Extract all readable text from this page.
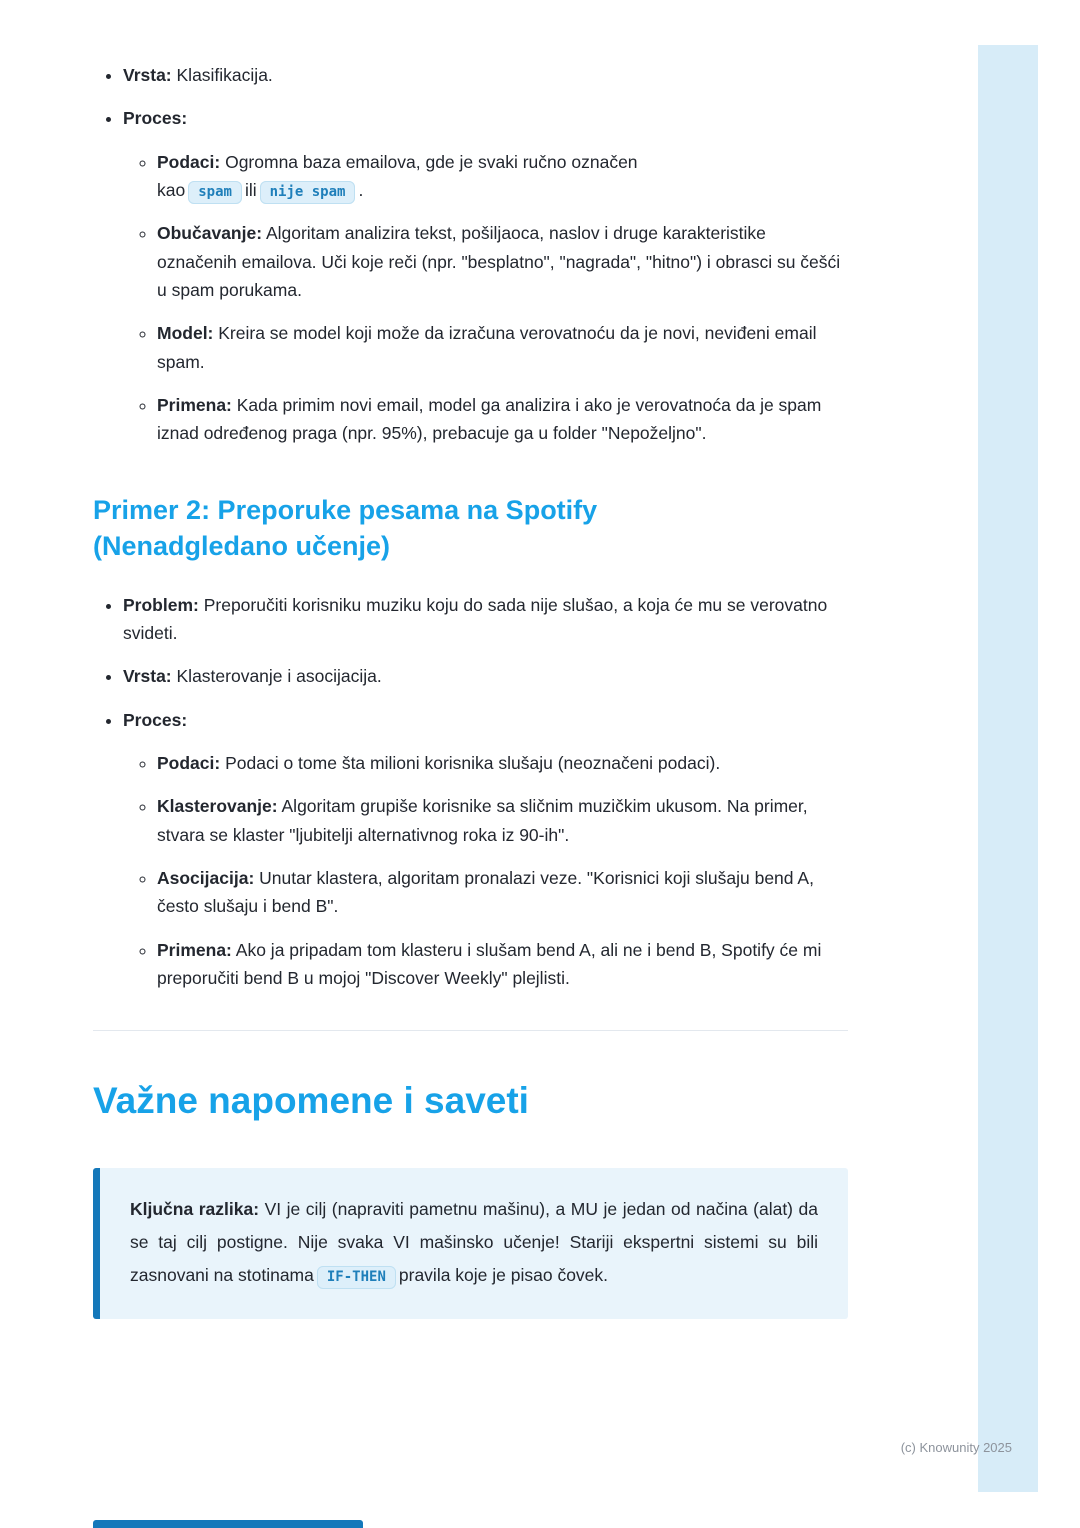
• Vrsta: Klasifikacija.
• Proces:
◦ Podaci: Ogromna baza emailova, gde je svaki ručno označen kao spam ili nije spam .
◦ Obučavanje: Algoritam analizira tekst, pošiljaoca, naslov i druge karakteristike označenih emailova. Uči koje reči (npr. "besplatno", "nagrada", "hitno") i obrasci su češći u spam porukama.
◦ Model: Kreira se model koji može da izračuna verovatnoću da je novi, neviđeni email spam.
◦ Primena: Kada primim novi email, model ga analizira i ako je verovatnoća da je spam iznad određenog praga (npr. 95%), prebacuje ga u folder "Nepoželjno".
Primer 2: Preporuke pesama na Spotify (Nenadgledano učenje)
• Problem: Preporučiti korisniku muziku koju do sada nije slušao, a koja će mu se verovatno svideti.
• Vrsta: Klasterovanje i asocijacija.
• Proces:
◦ Podaci: Podaci o tome šta milioni korisnika slušaju (neoznačeni podaci).
◦ Klasterovanje: Algoritam grupiše korisnike sa sličnim muzičkim ukusom. Na primer, stvara se klaster "ljubitelji alternativnog roka iz 90-ih".
◦ Asocijacija: Unutar klastera, algoritam pronalazi veze. "Korisnici koji slušaju bend A, često slušaju i bend B".
◦ Primena: Ako ja pripadam tom klasteru i slušam bend A, ali ne i bend B, Spotify će mi preporučiti bend B u mojoj "Discover Weekly" plejlisti.
Važne napomene i saveti
Ključna razlika: VI je cilj (napraviti pametnu mašinu), a MU je jedan od načina (alat) da se taj cilj postigne. Nije svaka VI mašinsko učenje! Stariji ekspertni sistemi su bili zasnovani na stotinama IF-THEN pravila koje je pisao čovek.
(c) Knowunity 2025
